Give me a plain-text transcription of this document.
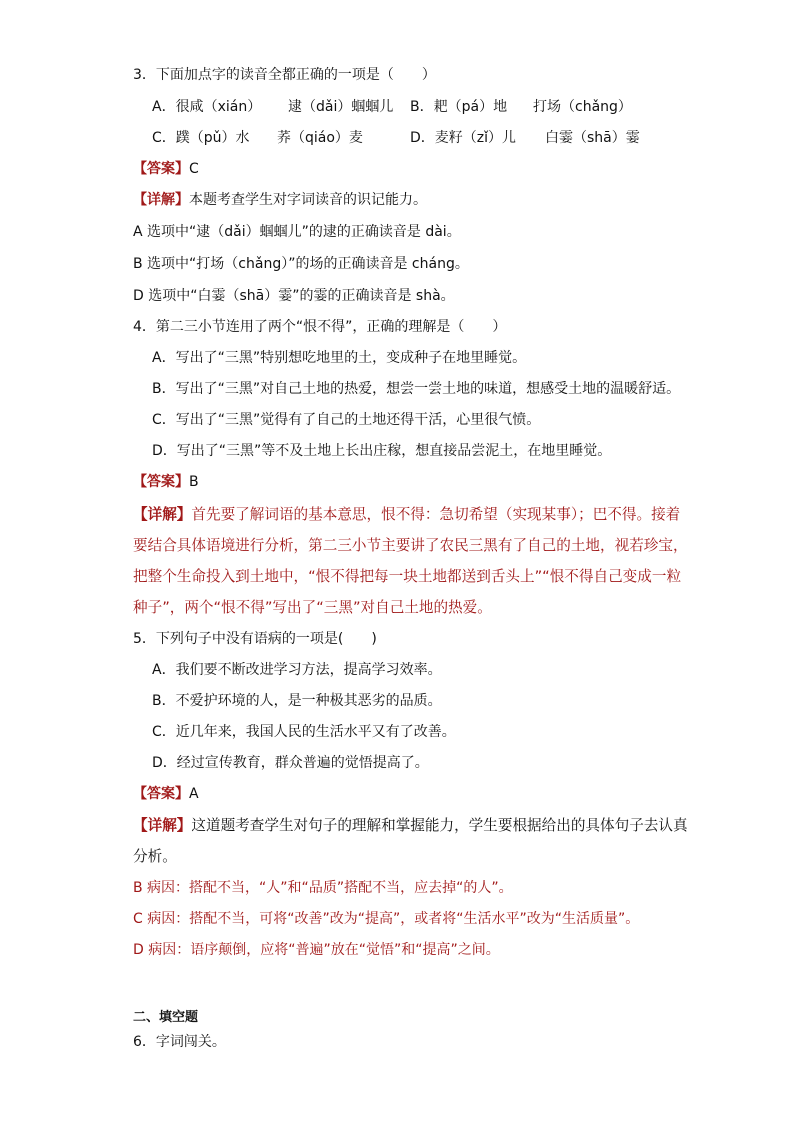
3．下面加点字的读音全都正确的一项是（　　）
A．很咸（xián） 逮（dǎi）蝈蝈儿 B．耙（pá）地 打场（chǎng）
C．蹼（pǔ）水 荞（qiáo）麦	D．麦籽（zǐ）儿 白霎（shā）霎
【答案】C
【详解】本题考查学生对字词读音的识记能力。
A 选项中“逮（dǎi）蝈蝈儿”的逮的正确读音是 dài。
B 选项中“打场（chǎng）”的场的正确读音是 cháng。
D 选项中“白霎（shā）霎”的霎的正确读音是 shà。
4．第二三小节连用了两个“恨不得”，正确的理解是（　　）
A．写出了“三黑”特别想吃地里的土，变成种子在地里睡觉。
B．写出了“三黑”对自己土地的热爱，想尝一尝土地的味道，想感受土地的温暖舒适。
C．写出了“三黑”觉得有了自己的土地还得干活，心里很气愤。
D．写出了“三黑”等不及土地上长出庄稼，想直接品尝泥土，在地里睡觉。
【答案】B
【详解】首先要了解词语的基本意思，恨不得：急切希望（实现某事）；巴不得。接着
要结合具体语境进行分析，第二三小节主要讲了农民三黑有了自己的土地，视若珍宝，
把整个生命投入到土地中，“恨不得把每一块土地都送到舌头上”“恨不得自己变成一粒
种子”，两个“恨不得”写出了“三黑”对自己土地的热爱。
5．下列句子中没有语病的一项是(　　)
A．我们要不断改进学习方法，提高学习效率。
B．不爱护环境的人，是一种极其恶劣的品质。
C．近几年来，我国人民的生活水平又有了改善。
D．经过宣传教育，群众普遍的觉悟提高了。
【答案】A
【详解】这道题考查学生对句子的理解和掌握能力，学生要根据给出的具体句子去认真
分析。
B 病因：搭配不当，“人”和“品质”搭配不当，应去掉“的人”。
C 病因：搭配不当，可将“改善”改为“提高”，或者将“生活水平”改为“生活质量”。
D 病因：语序颠倒，应将“普遍”放在“觉悟”和“提高”之间。
二、填空题
6．字词闯关。
